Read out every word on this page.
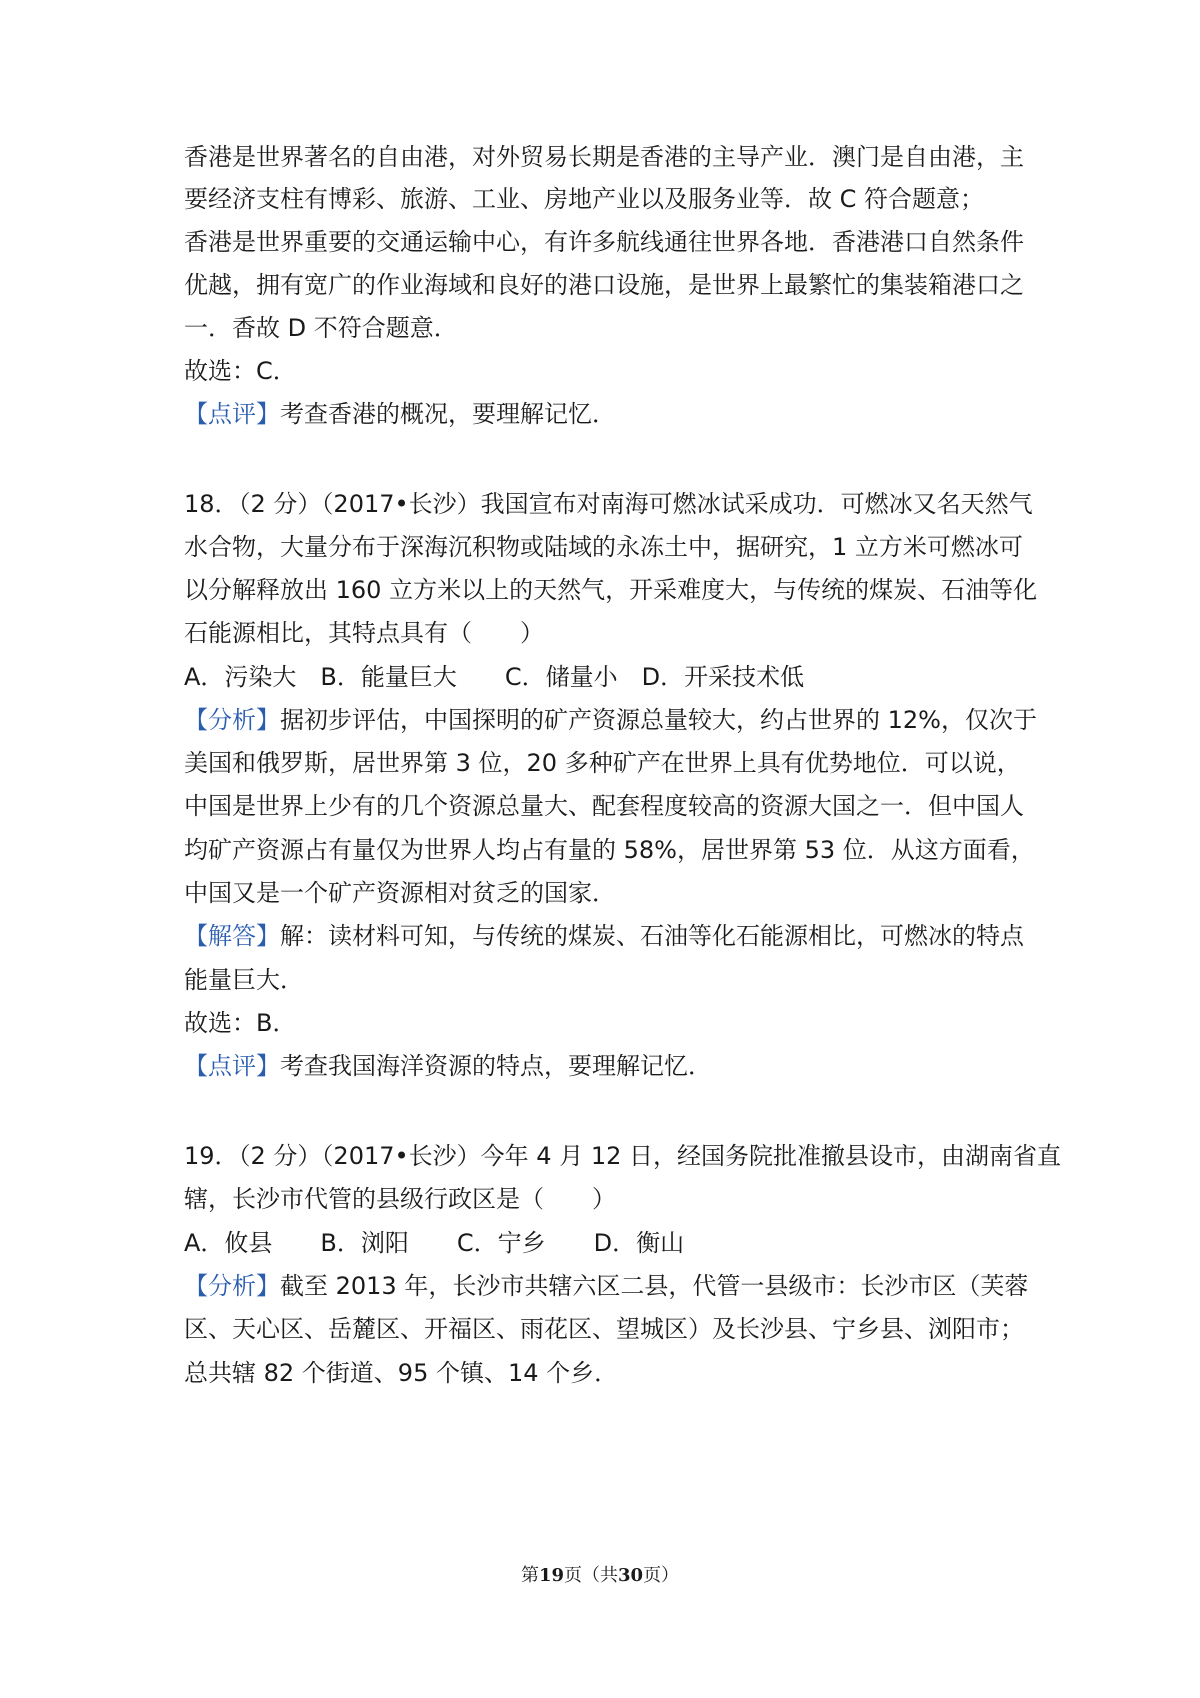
香港是世界著名的自由港，对外贸易长期是香港的主导产业．澳门是自由港，主
要经济支柱有博彩、旅游、工业、房地产业以及服务业等．故 C 符合题意；
香港是世界重要的交通运输中心，有许多航线通往世界各地．香港港口自然条件
优越，拥有宽广的作业海域和良好的港口设施，是世界上最繁忙的集装箱港口之
一．香故 D 不符合题意．
故选：C．
【点评】考查香港的概况，要理解记忆．
18．（2 分）（2017•长沙）我国宣布对南海可燃冰试采成功．可燃冰又名天然气
水合物，大量分布于深海沉积物或陆域的永冻土中，据研究，1 立方米可燃冰可
以分解释放出 160 立方米以上的天然气，开采难度大，与传统的煤炭、石油等化
石能源相比，其特点具有（　　）
A．污染大　B．能量巨大　　C．储量小　D．开采技术低
【分析】据初步评估，中国探明的矿产资源总量较大，约占世界的 12%，仅次于
美国和俄罗斯，居世界第 3 位，20 多种矿产在世界上具有优势地位．可以说，
中国是世界上少有的几个资源总量大、配套程度较高的资源大国之一．但中国人
均矿产资源占有量仅为世界人均占有量的 58%，居世界第 53 位．从这方面看，
中国又是一个矿产资源相对贫乏的国家．
【解答】解：读材料可知，与传统的煤炭、石油等化石能源相比，可燃冰的特点
能量巨大．
故选：B．
【点评】考查我国海洋资源的特点，要理解记忆．
19．（2 分）（2017•长沙）今年 4 月 12 日，经国务院批准撤县设市，由湖南省直
辖，长沙市代管的县级行政区是（　　）
A．攸县　　B．浏阳　　C．宁乡　　D．衡山
【分析】截至 2013 年，长沙市共辖六区二县，代管一县级市：长沙市区（芙蓉
区、天心区、岳麓区、开福区、雨花区、望城区）及长沙县、宁乡县、浏阳市；
总共辖 82 个街道、95 个镇、14 个乡．
第19页（共30页）
